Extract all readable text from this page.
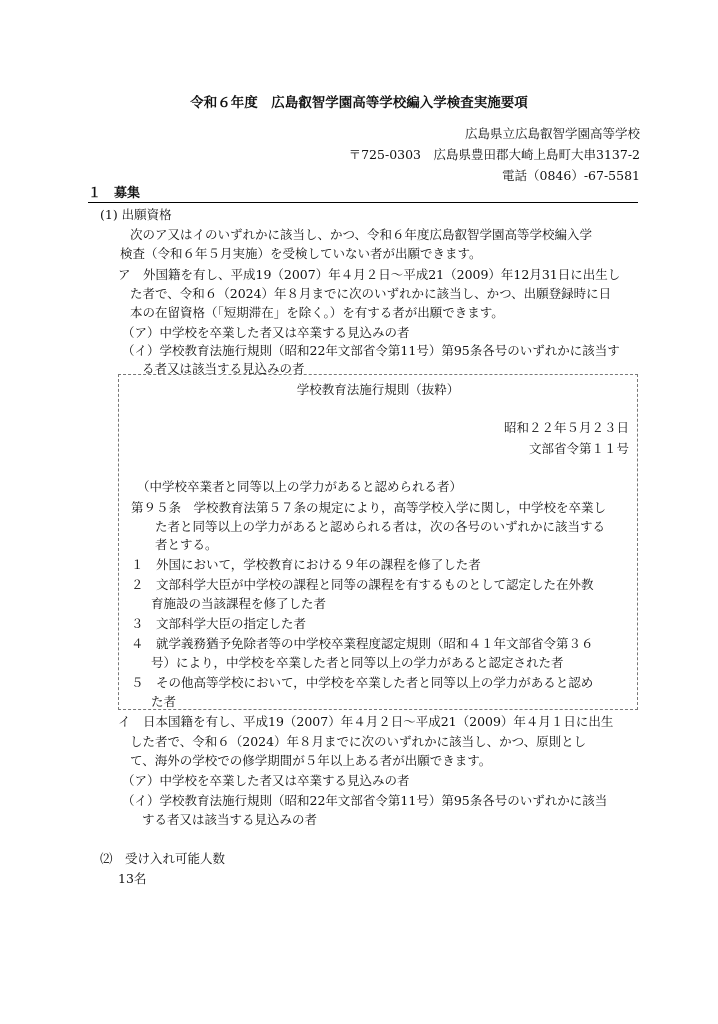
令和６年度　広島叡智学園高等学校編入学検査実施要項
広島県立広島叡智学園高等学校
〒725-0303　広島県豊田郡大崎上島町大串3137-2
電話（0846）-67-5581
１　募集
(1) 出願資格
次のア又はイのいずれかに該当し、かつ、令和６年度広島叡智学園高等学校編入学
検査（令和６年５月実施）を受検していない者が出願できます。
ア　外国籍を有し、平成19（2007）年４月２日～平成21（2009）年12月31日に出生し
た者で、令和６（2024）年８月までに次のいずれかに該当し、かつ、出願登録時に日
本の在留資格（「短期滞在」を除く。）を有する者が出願できます。
（ア）中学校を卒業した者又は卒業する見込みの者
（イ）学校教育法施行規則（昭和22年文部省令第11号）第95条各号のいずれかに該当す
る者又は該当する見込みの者
学校教育法施行規則（抜粋）
昭和２２年５月２３日
文部省令第１１号
（中学校卒業者と同等以上の学力があると認められる者）
第９５条　学校教育法第５７条の規定により，高等学校入学に関し，中学校を卒業し
た者と同等以上の学力があると認められる者は，次の各号のいずれかに該当する
者とする。
１　外国において，学校教育における９年の課程を修了した者
２　文部科学大臣が中学校の課程と同等の課程を有するものとして認定した在外教
育施設の当該課程を修了した者
３　文部科学大臣の指定した者
４　就学義務猶予免除者等の中学校卒業程度認定規則（昭和４１年文部省令第３６
号）により，中学校を卒業した者と同等以上の学力があると認定された者
５　その他高等学校において，中学校を卒業した者と同等以上の学力があると認め
た者
イ　日本国籍を有し、平成19（2007）年４月２日～平成21（2009）年４月１日に出生
した者で、令和６（2024）年８月までに次のいずれかに該当し、かつ、原則とし
て、海外の学校での修学期間が５年以上ある者が出願できます。
（ア）中学校を卒業した者又は卒業する見込みの者
（イ）学校教育法施行規則（昭和22年文部省令第11号）第95条各号のいずれかに該当
する者又は該当する見込みの者
⑵　受け入れ可能人数
13名
